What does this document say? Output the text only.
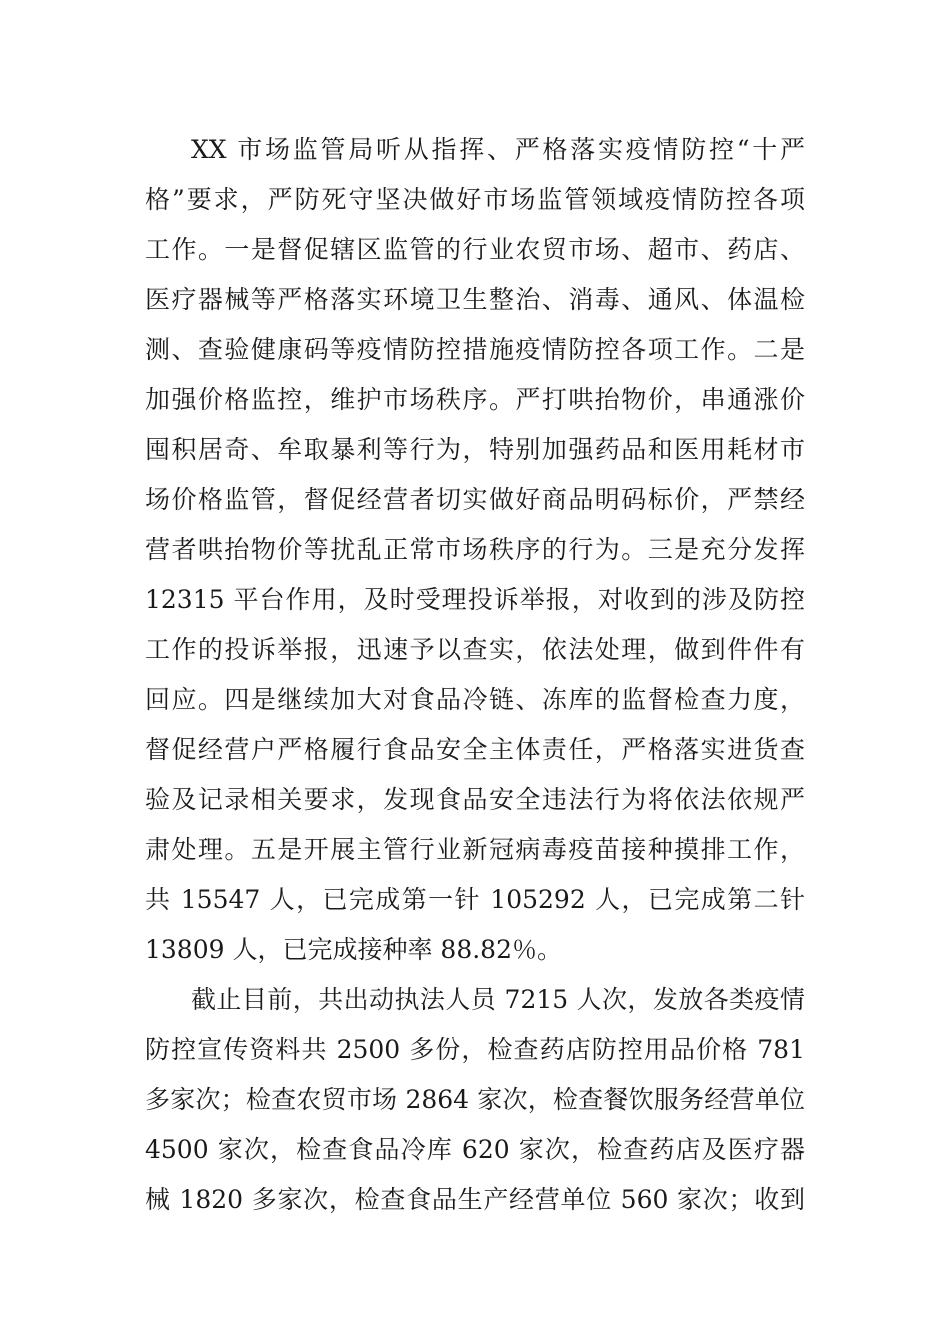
XX 市场监管局听从指挥、严格落实疫情防控“十严
格”要求，严防死守坚决做好市场监管领域疫情防控各项
工作。一是督促辖区监管的行业农贸市场、超市、药店、
医疗器械等严格落实环境卫生整治、消毒、通风、体温检
测、查验健康码等疫情防控措施疫情防控各项工作。二是
加强价格监控，维护市场秩序。严打哄抬物价，串通涨价
囤积居奇、牟取暴利等行为，特别加强药品和医用耗材市
场价格监管，督促经营者切实做好商品明码标价，严禁经
营者哄抬物价等扰乱正常市场秩序的行为。三是充分发挥
12315 平台作用，及时受理投诉举报，对收到的涉及防控
工作的投诉举报，迅速予以查实，依法处理，做到件件有
回应。四是继续加大对食品冷链、冻库的监督检查力度，
督促经营户严格履行食品安全主体责任，严格落实进货查
验及记录相关要求，发现食品安全违法行为将依法依规严
肃处理。五是开展主管行业新冠病毒疫苗接种摸排工作，
共 15547 人，已完成第一针 105292 人，已完成第二针
13809 人，已完成接种率 88.82％。
截止目前，共出动执法人员 7215 人次，发放各类疫情
防控宣传资料共 2500 多份，检查药店防控用品价格 781
多家次；检查农贸市场 2864 家次，检查餐饮服务经营单位
4500 家次，检查食品冷库 620 家次，检查药店及医疗器
械 1820 多家次，检查食品生产经营单位 560 家次；收到
